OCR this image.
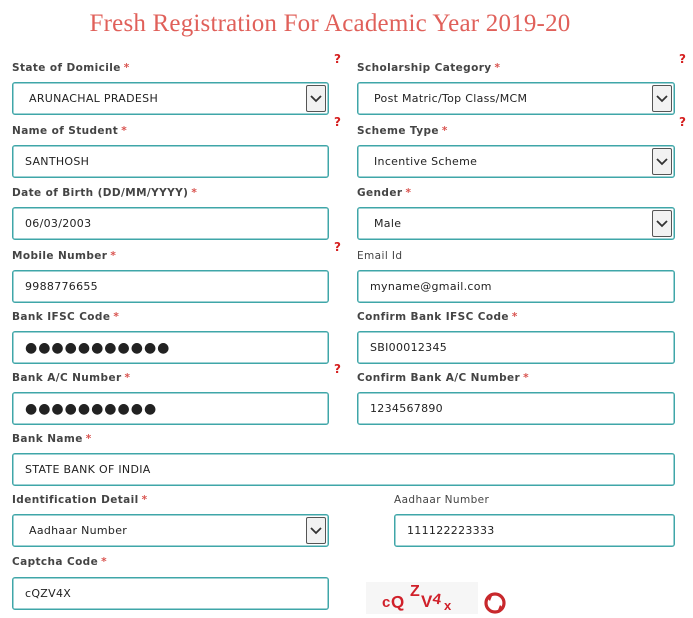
Fresh Registration For Academic Year 2019-20
State of Domicile *
?
ARUNACHAL PRADESH
Scholarship Category *
?
Post Matric/Top Class/MCM
Name of Student *
?
SANTHOSH
Scheme Type *
?
Incentive Scheme
Date of Birth (DD/MM/YYYY) *
06/03/2003
Gender *
Male
Mobile Number *
?
9988776655
Email Id
myname@gmail.com
Bank IFSC Code *
●●●●●●●●●●●
Confirm Bank IFSC Code *
SBI00012345
Bank A/C Number *
?
●●●●●●●●●●
Confirm Bank A/C Number *
1234567890
Bank Name *
STATE BANK OF INDIA
Identification Detail *
Aadhaar Number
Aadhaar Number
111122223333
Captcha Code *
cQZV4X
c Q
Z
V
4 x
